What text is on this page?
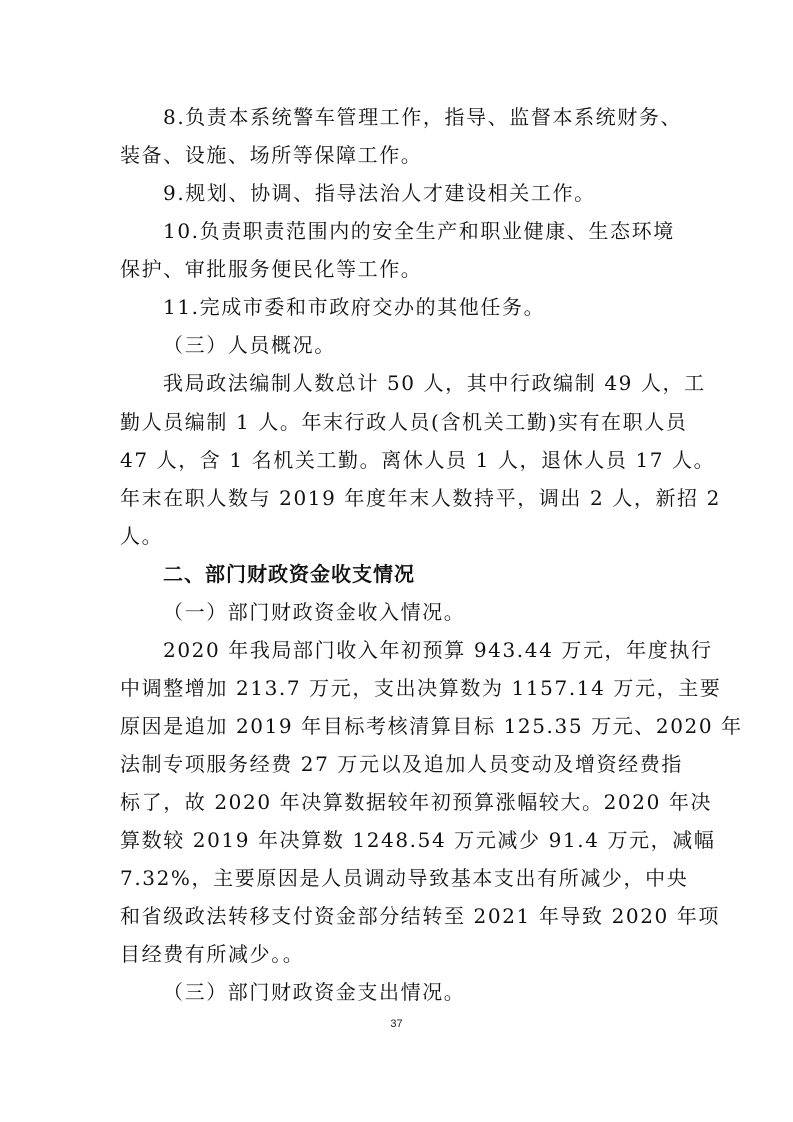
8.负责本系统警车管理工作，指导、监督本系统财务、
装备、设施、场所等保障工作。
9.规划、协调、指导法治人才建设相关工作。
10.负责职责范围内的安全生产和职业健康、生态环境
保护、审批服务便民化等工作。
11.完成市委和市政府交办的其他任务。
（三）人员概况。
我局政法编制人数总计 50 人，其中行政编制 49 人，工
勤人员编制 1 人。年末行政人员(含机关工勤)实有在职人员
47 人，含 1 名机关工勤。离休人员 1 人，退休人员 17 人。
年末在职人数与 2019 年度年末人数持平，调出 2 人，新招 2
人。
二、部门财政资金收支情况
（一）部门财政资金收入情况。
2020 年我局部门收入年初预算 943.44 万元，年度执行
中调整增加 213.7 万元，支出决算数为 1157.14 万元，主要
原因是追加 2019 年目标考核清算目标 125.35 万元、2020 年
法制专项服务经费 27 万元以及追加人员变动及增资经费指
标了，故 2020 年决算数据较年初预算涨幅较大。2020 年决
算数较 2019 年决算数 1248.54 万元减少 91.4 万元，减幅
7.32%，主要原因是人员调动导致基本支出有所减少，中央
和省级政法转移支付资金部分结转至 2021 年导致 2020 年项
目经费有所减少。。
（三）部门财政资金支出情况。
37
